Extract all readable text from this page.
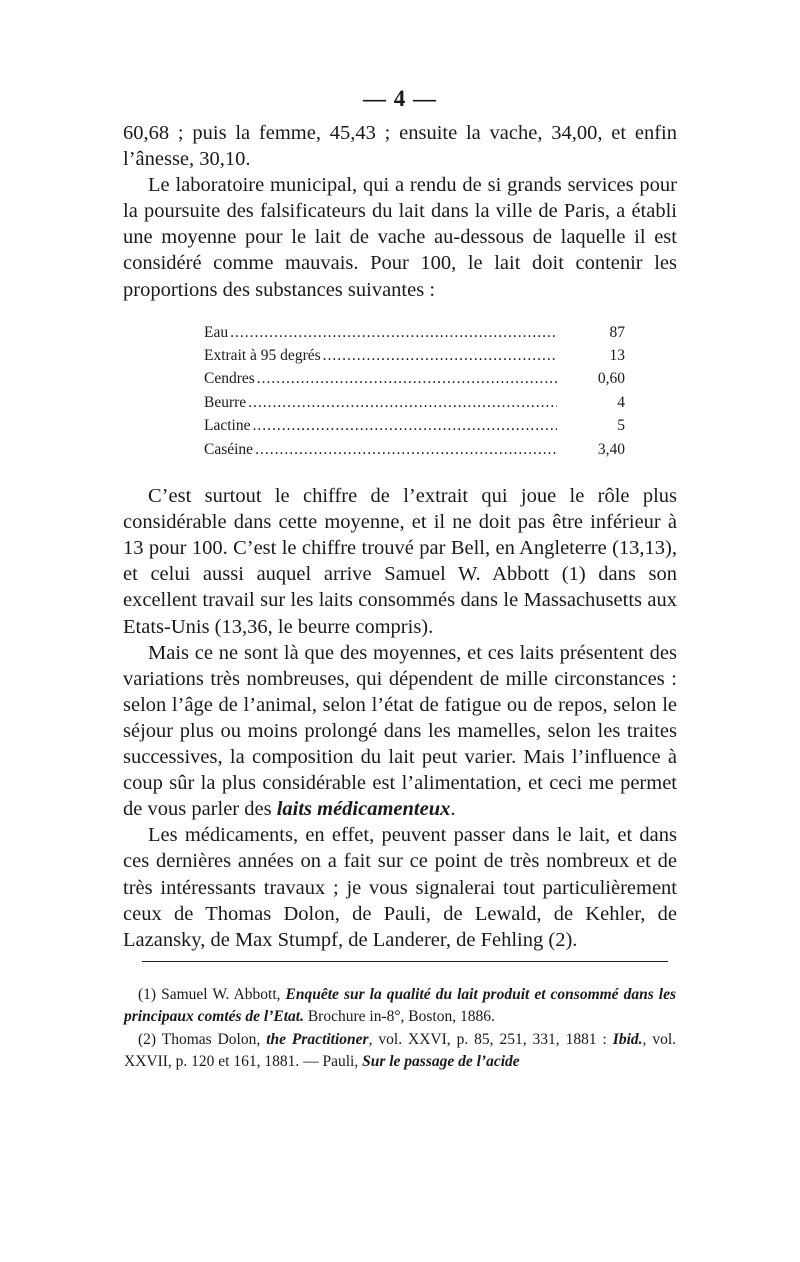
— 4 —

60,68 ; puis la femme, 45,43 ; ensuite la vache, 34,00, et enfin l’ânesse, 30,10.

Le laboratoire municipal, qui a rendu de si grands services pour la poursuite des falsificateurs du lait dans la ville de Paris, a établi une moyenne pour le lait de vache au-dessous de laquelle il est considéré comme mauvais. Pour 100, le lait doit contenir les proportions des substances suivantes :

Eau .....	87
Extrait à 95 degrés .....	13
Cendres .....	0,60
Beurre .....	4
Lactine .....	5
Caséine .....	3,40

C’est surtout le chiffre de l’extrait qui joue le rôle plus considérable dans cette moyenne, et il ne doit pas être inférieur à 13 pour 100. C’est le chiffre trouvé par Bell, en Angleterre (13,13), et celui aussi auquel arrive Samuel W. Abbott (1) dans son excellent travail sur les laits consommés dans le Massachusetts aux Etats-Unis (13,36, le beurre compris).

Mais ce ne sont là que des moyennes, et ces laits présentent des variations très nombreuses, qui dépendent de mille circonstances : selon l’âge de l’animal, selon l’état de fatigue ou de repos, selon le séjour plus ou moins prolongé dans les mamelles, selon les traites successives, la composition du lait peut varier. Mais l’influence à coup sûr la plus considérable est l’alimentation, et ceci me permet de vous parler des laits médicamenteux.

Les médicaments, en effet, peuvent passer dans le lait, et dans ces dernières années on a fait sur ce point de très nombreux et de très intéressants travaux ; je vous signalerai tout particulièrement ceux de Thomas Dolon, de Pauli, de Lewald, de Kehler, de Lazansky, de Max Stumpf, de Landerer, de Fehling (2).

(1) Samuel W. Abbott, Enquête sur la qualité du lait produit et consommé dans les principaux comtés de l’Etat. Brochure in-8°, Boston, 1886.

(2) Thomas Dolon, the Practitioner, vol. XXVI, p. 85, 251, 331, 1881 : Ibid., vol. XXVII, p. 120 et 161, 1881. — Pauli, Sur le passage de l’acide
